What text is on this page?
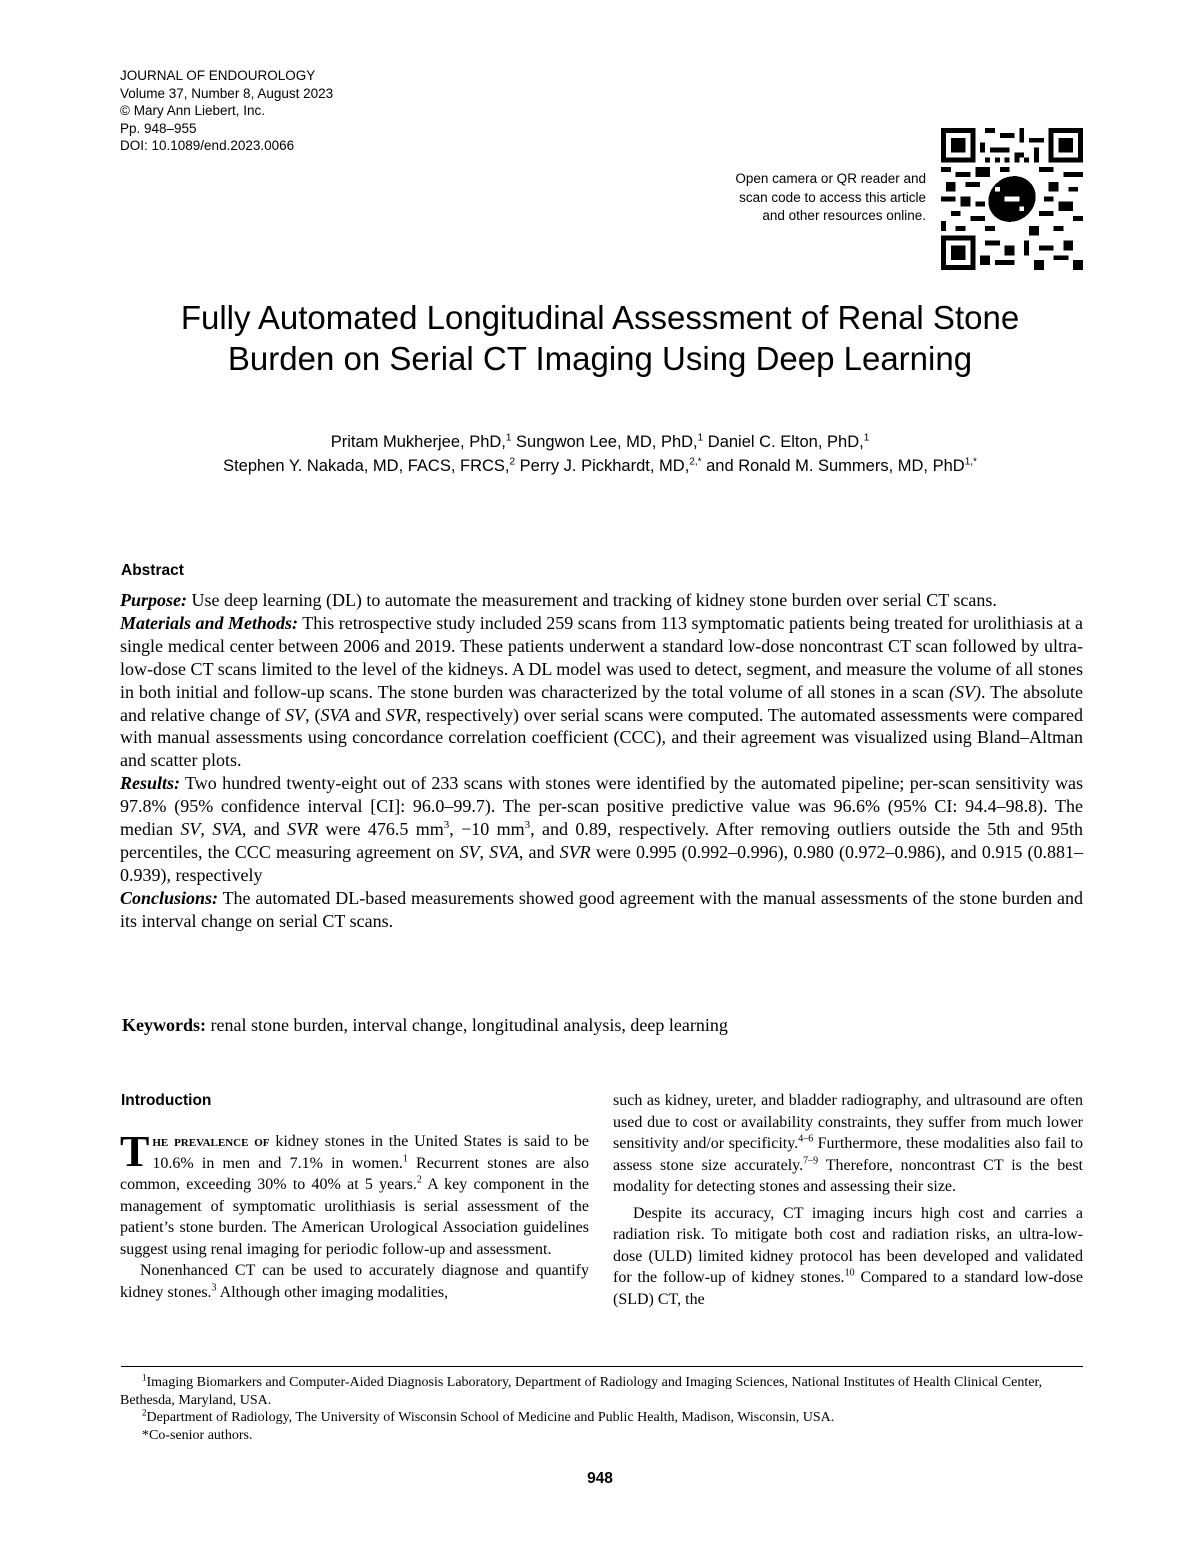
JOURNAL OF ENDOUROLOGY
Volume 37, Number 8, August 2023
© Mary Ann Liebert, Inc.
Pp. 948–955
DOI: 10.1089/end.2023.0066
Open camera or QR reader and
scan code to access this article
and other resources online.
Fully Automated Longitudinal Assessment of Renal Stone
Burden on Serial CT Imaging Using Deep Learning
Pritam Mukherjee, PhD,$^1$ Sungwon Lee, MD, PhD,$^1$ Daniel C. Elton, PhD,$^1$
Stephen Y. Nakada, MD, FACS, FRCS,$^2$ Perry J. Pickhardt, MD,$^{2,*}$ and Ronald M. Summers, MD, PhD$^{1,*}$
Abstract

Purpose: Use deep learning (DL) to automate the measurement and tracking of kidney stone burden over serial CT scans.

Materials and Methods: This retrospective study included 259 scans from 113 symptomatic patients being treated for urolithiasis at a single medical center between 2006 and 2019. These patients underwent a standard low-dose noncontrast CT scan followed by ultra-low-dose CT scans limited to the level of the kidneys. A DL model was used to detect, segment, and measure the volume of all stones in both initial and follow-up scans. The stone burden was characterized by the total volume of all stones in a scan (SV). The absolute and relative change of SV, (SVA and SVR, respectively) over serial scans were computed. The automated assessments were compared with manual assessments using concordance correlation coefficient (CCC), and their agreement was visualized using Bland–Altman and scatter plots.

Results: Two hundred twenty-eight out of 233 scans with stones were identified by the automated pipeline; per-scan sensitivity was 97.8% (95% confidence interval [CI]: 96.0–99.7). The per-scan positive predictive value was 96.6% (95% CI: 94.4–98.8). The median SV, SVA, and SVR were 476.5 $mm^3$, −10 $mm^3$, and 0.89, respectively. After removing outliers outside the 5th and 95th percentiles, the CCC measuring agreement on SV, SVA, and SVR were 0.995 (0.992–0.996), 0.980 (0.972–0.986), and 0.915 (0.881–0.939), respectively

Conclusions: The automated DL-based measurements showed good agreement with the manual assessments of the stone burden and its interval change on serial CT scans.

Keywords: renal stone burden, interval change, longitudinal analysis, deep learning
Introduction

The prevalence of kidney stones in the United States is said to be 10.6% in men and 7.1% in women.$^1$ Recurrent stones are also common, exceeding 30% to 40% at 5 years.$^2$ A key component in the management of symptomatic urolithiasis is serial assessment of the patient’s stone burden. The American Urological Association guidelines suggest using renal imaging for periodic follow-up and assessment.

Nonenhanced CT can be used to accurately diagnose and quantify kidney stones.$^3$ Although other imaging modalities,

such as kidney, ureter, and bladder radiography, and ultrasound are often used due to cost or availability constraints, they suffer from much lower sensitivity and/or specificity.$^{4-6}$ Furthermore, these modalities also fail to assess stone size accurately.$^{7-9}$ Therefore, noncontrast CT is the best modality for detecting stones and assessing their size.

Despite its accuracy, CT imaging incurs high cost and carries a radiation risk. To mitigate both cost and radiation risks, an ultra-low-dose (ULD) limited kidney protocol has been developed and validated for the follow-up of kidney stones.$^{10}$ Compared to a standard low-dose (SLD) CT, the

$^1$Imaging Biomarkers and Computer-Aided Diagnosis Laboratory, Department of Radiology and Imaging Sciences, National Institutes of Health Clinical Center, Bethesda, Maryland, USA.

$^2$Department of Radiology, The University of Wisconsin School of Medicine and Public Health, Madison, Wisconsin, USA.

*Co-senior authors.

948
